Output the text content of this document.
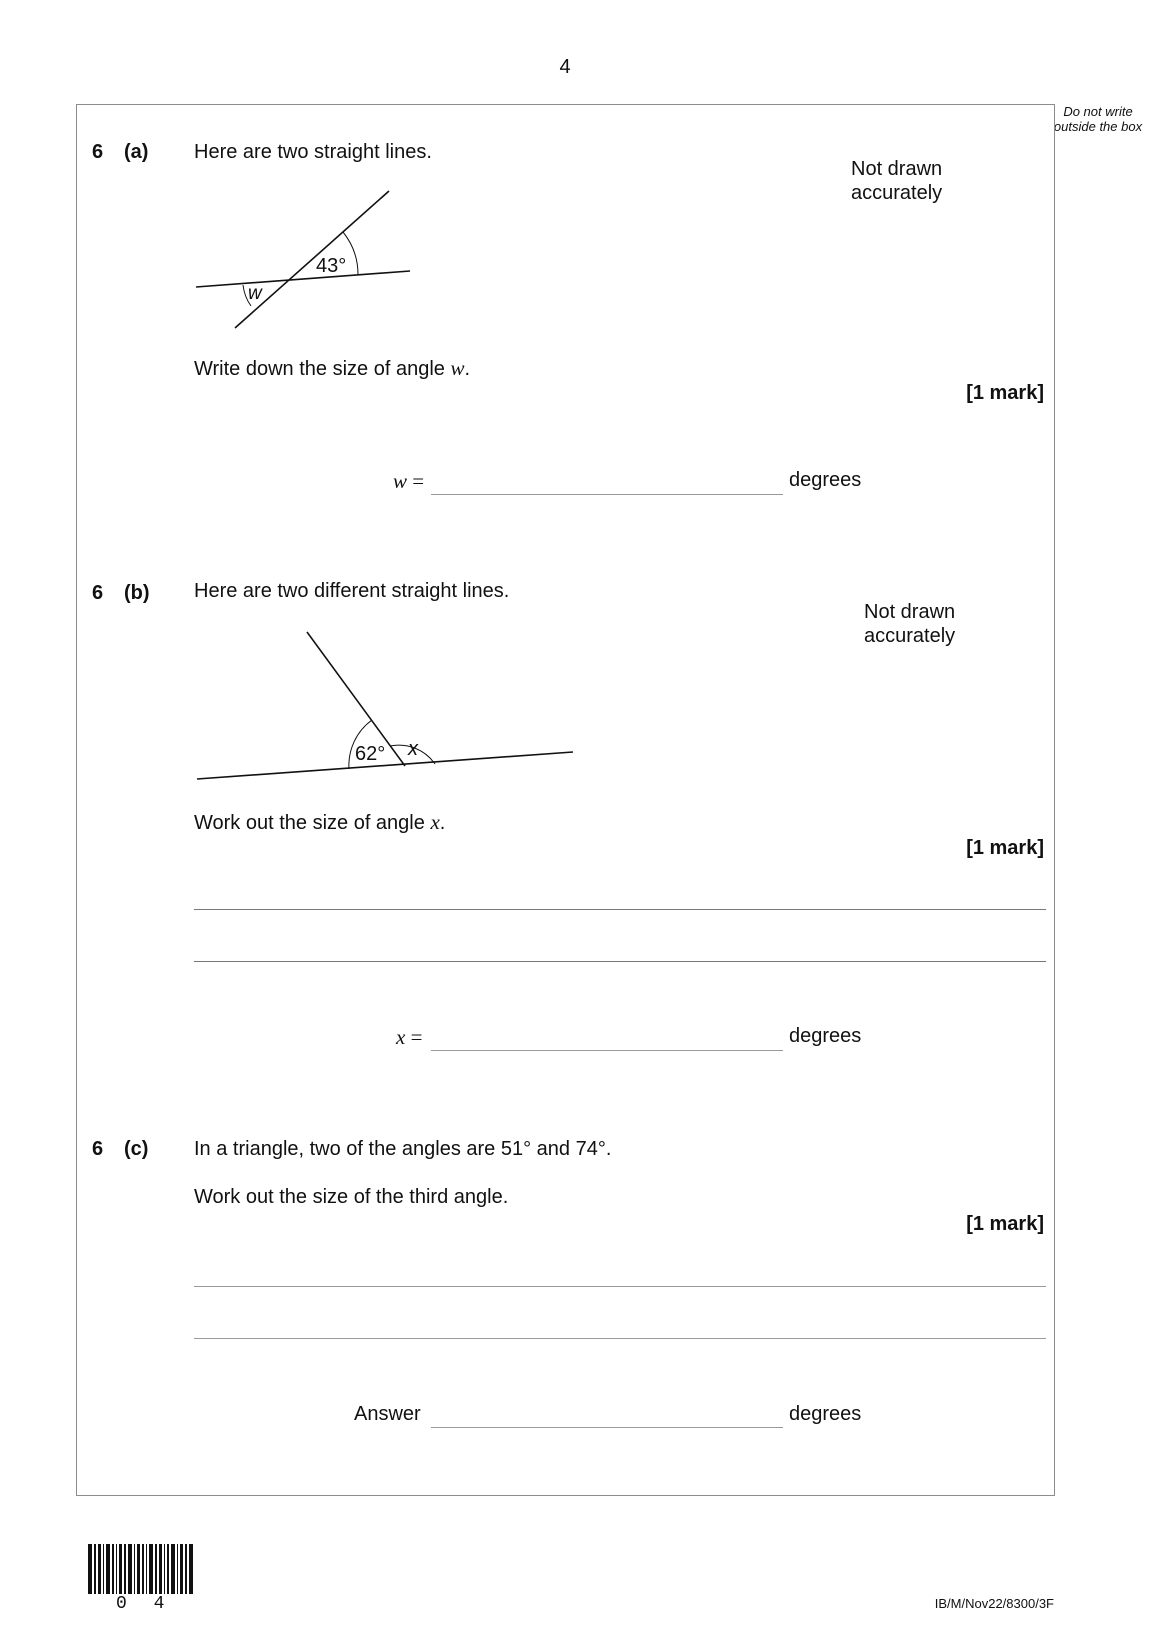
4
Do not write outside the box
6 (a) Here are two straight lines.
Not drawn accurately
43°
w
Write down the size of angle w.
[1 mark]
w =	degrees
6 (b) Here are two different straight lines.
Not drawn accurately
62° x
Work out the size of angle x.
[1 mark]
x =	degrees
6 (c) In a triangle, two of the angles are 51° and 74°.
Work out the size of the third angle.
[1 mark]
Answer	degrees
0 4	IB/M/Nov22/8300/3F
